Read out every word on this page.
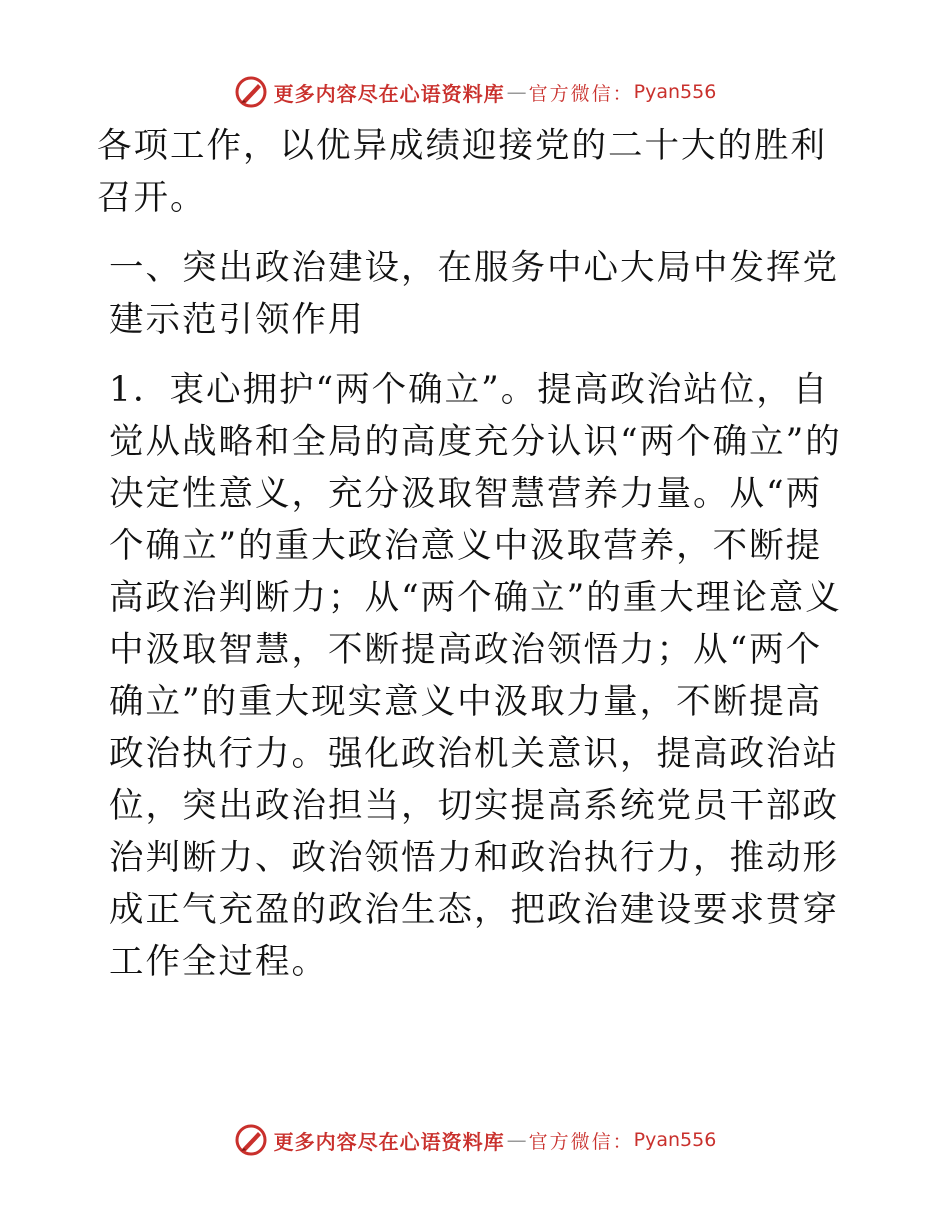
更多内容尽在心语资料库 — 官方微信： Pyan556

各项工作，以优异成绩迎接党的二十大的胜利召开。

一、突出政治建设，在服务中心大局中发挥党建示范引领作用

1．衷心拥护“两个确立”。提高政治站位，自觉从战略和全局的高度充分认识“两个确立”的决定性意义，充分汲取智慧营养力量。从“两个确立”的重大政治意义中汲取营养，不断提高政治判断力；从“两个确立”的重大理论意义中汲取智慧，不断提高政治领悟力；从“两个确立”的重大现实意义中汲取力量，不断提高政治执行力。强化政治机关意识，提高政治站位，突出政治担当，切实提高系统党员干部政治判断力、政治领悟力和政治执行力，推动形成正气充盈的政治生态，把政治建设要求贯穿工作全过程。

更多内容尽在心语资料库 — 官方微信： Pyan556
